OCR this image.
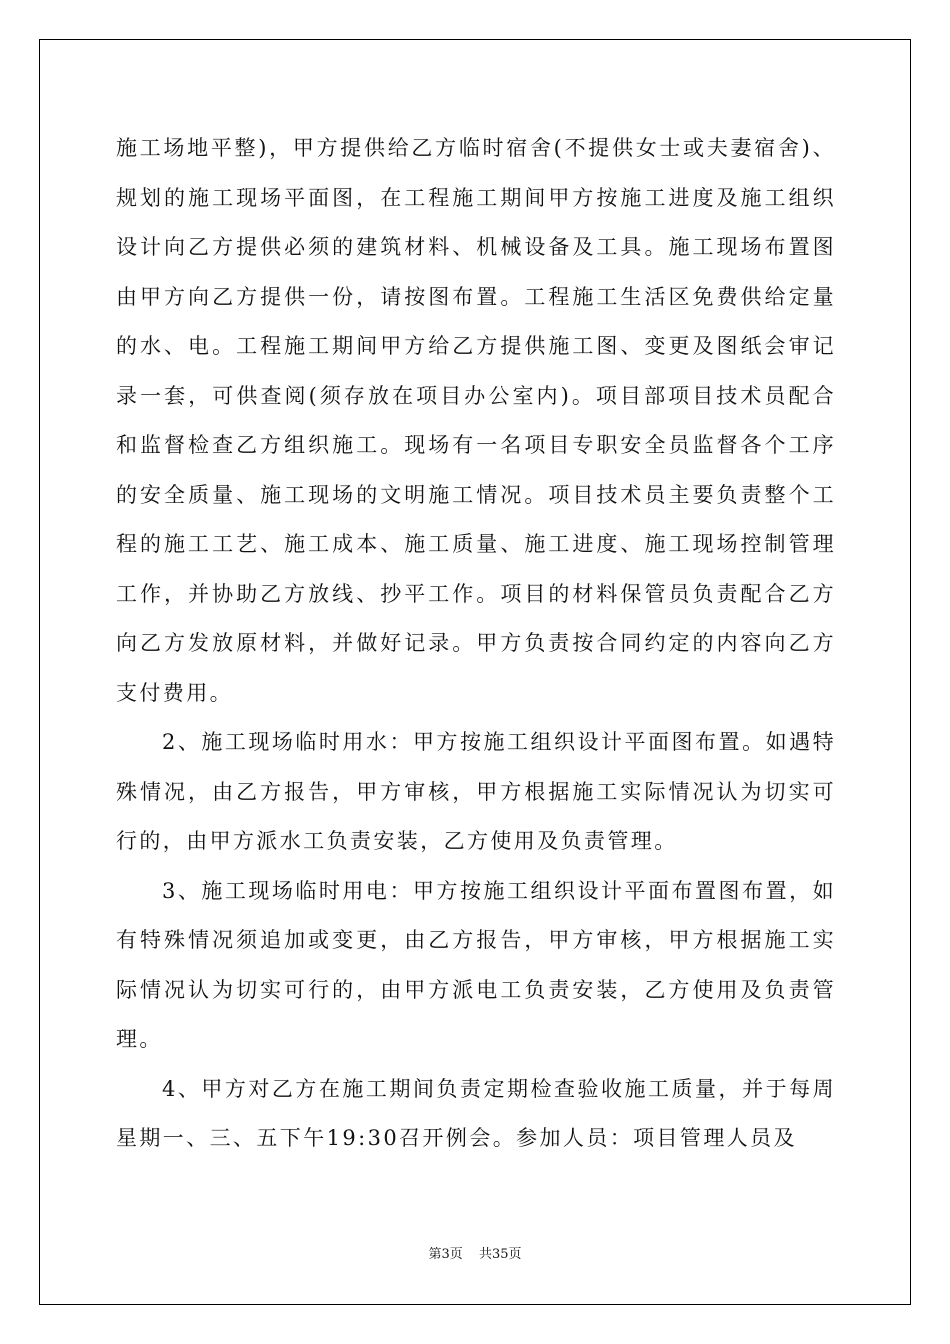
施工场地平整)，甲方提供给乙方临时宿舍(不提供女士或夫妻宿舍)、规划的施工现场平面图，在工程施工期间甲方按施工进度及施工组织设计向乙方提供必须的建筑材料、机械设备及工具。施工现场布置图由甲方向乙方提供一份，请按图布置。工程施工生活区免费供给定量的水、电。工程施工期间甲方给乙方提供施工图、变更及图纸会审记录一套，可供查阅(须存放在项目办公室内)。项目部项目技术员配合和监督检查乙方组织施工。现场有一名项目专职安全员监督各个工序的安全质量、施工现场的文明施工情况。项目技术员主要负责整个工程的施工工艺、施工成本、施工质量、施工进度、施工现场控制管理工作，并协助乙方放线、抄平工作。项目的材料保管员负责配合乙方向乙方发放原材料，并做好记录。甲方负责按合同约定的内容向乙方支付费用。

2、施工现场临时用水：甲方按施工组织设计平面图布置。如遇特殊情况，由乙方报告，甲方审核，甲方根据施工实际情况认为切实可行的，由甲方派水工负责安装，乙方使用及负责管理。

3、施工现场临时用电：甲方按施工组织设计平面布置图布置，如有特殊情况须追加或变更，由乙方报告，甲方审核，甲方根据施工实际情况认为切实可行的，由甲方派电工负责安装，乙方使用及负责管理。

4、甲方对乙方在施工期间负责定期检查验收施工质量，并于每周星期一、三、五下午19:30召开例会。参加人员：项目管理人员及

第3页 共35页
